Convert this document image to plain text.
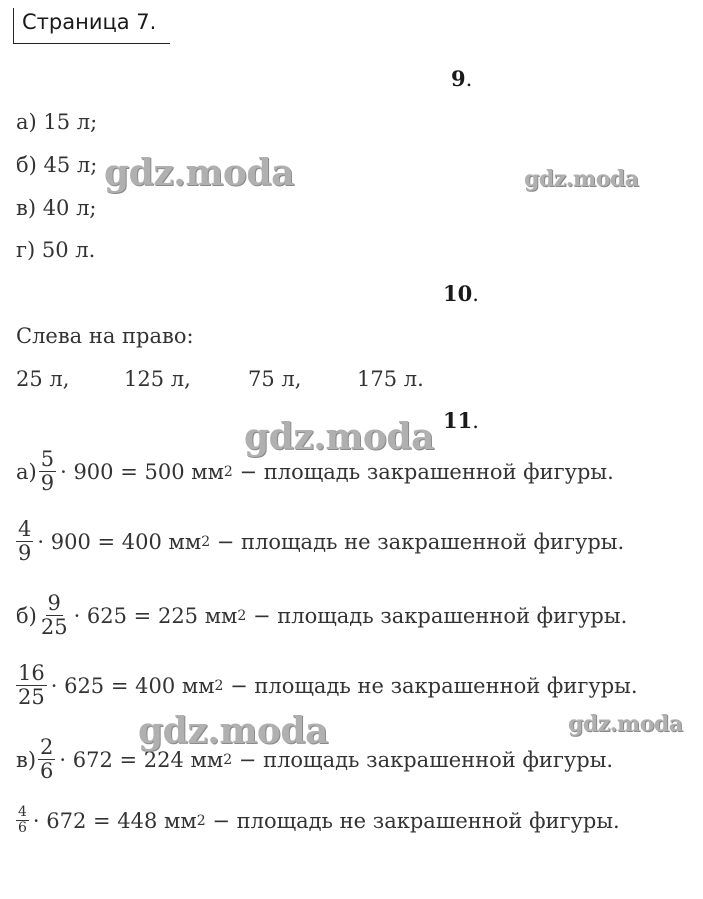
Страница 7.
9.
а) 15 л;
б) 45 л;
в) 40 л;
г) 50 л.
10.
Слева на право:
25 л,	125 л,	75 л,	175 л.
11.
$а) \frac{5}{9} \cdot 900 = 500$ мм 2 − площадь закрашенной фигуры.
$\frac{4}{9} \cdot 900 = 400$ мм 2 − площадь не закрашенной фигуры.
$б) \frac{9}{25} \cdot 625 = 225$ мм 2 − площадь закрашенной фигуры.
$\frac{16}{25} \cdot 625 = 400$ мм 2 − площадь не закрашенной фигуры.
$в) \frac{2}{6} \cdot 672 = 224$ мм 2 − площадь закрашенной фигуры.
$\frac{4}{6} \cdot 672 = 448$ мм 2 − площадь не закрашенной фигуры.
gdz.moda	gdz.moda
gdz.moda
gdz.moda	gdz.moda
